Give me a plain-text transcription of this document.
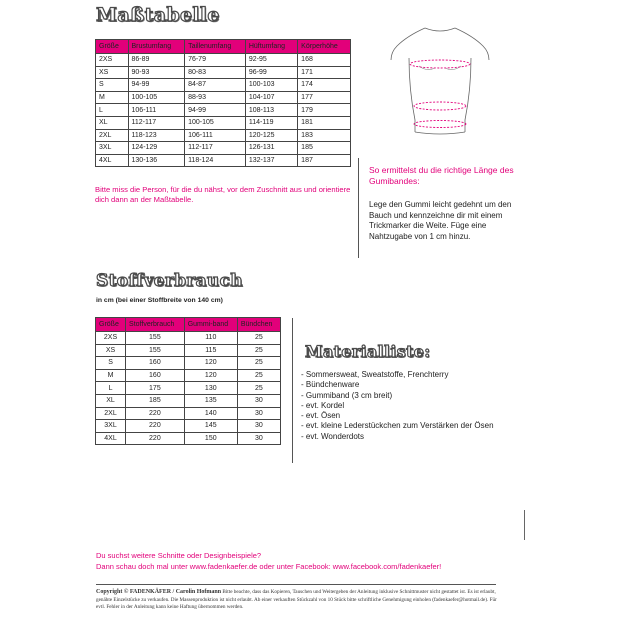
Maßtabelle
Größe	Brustumfang	Taillenumfang	Hüftumfang	Körperhöhe
2XS	86-89	76-79	92-95	168
XS	90-93	80-83	96-99	171
S	94-99	84-87	100-103	174
M	100-105	88-93	104-107	177
L	106-111	94-99	108-113	179
XL	112-117	100-105	114-119	181
2XL	118-123	106-111	120-125	183
3XL	124-129	112-117	126-131	185
4XL	130-136	118-124	132-137	187
Bitte miss die Person, für die du nähst, vor dem Zuschnitt aus und orientiere dich dann an der Maßtabelle.
So ermittelst du die richtige Länge des Gumibandes:
Lege den Gummi leicht gedehnt um den Bauch und kennzeichne dir mit einem Trickmarker die Weite. Füge eine Nahtzugabe von 1 cm hinzu.
Stoffverbrauch
in cm (bei einer Stoffbreite von 140 cm)
Größe	Stoffverbrauch	Gummi-band	Bündchen
2XS	155	110	25
XS	155	115	25
S	160	120	25
M	160	120	25
L	175	130	25
XL	185	135	30
2XL	220	140	30
3XL	220	145	30
4XL	220	150	30
Materialliste:
- Sommersweat, Sweatstoffe, Frenchterry
- Bündchenware
- Gummiband (3 cm breit)
- evt. Kordel
- evt. Ösen
- evt. kleine Lederstückchen zum Verstärken der Ösen
- evt. Wonderdots
Du suchst weitere Schnitte oder Designbeispiele?
Dann schau doch mal unter www.fadenkaefer.de oder unter Facebook: www.facebook.com/fadenkaefer!
Copyright © FADENKÄFER / Carolin Hofmann Bitte beachte, dass das Kopieren, Tauschen und Weitergeben der Anleitung inklusive Schnittmuster nicht gestattet ist. Es ist erlaubt, genähte Einzelstücke zu verkaufen. Die Massenproduktion ist nicht erlaubt. Ab einer verkauften Stückzahl von 10 Stück bitte schriftliche Genehmigung einholen (fadenkaefer@hotmail.de). Für evtl. Fehler in der Anleitung kann keine Haftung übernommen werden.
